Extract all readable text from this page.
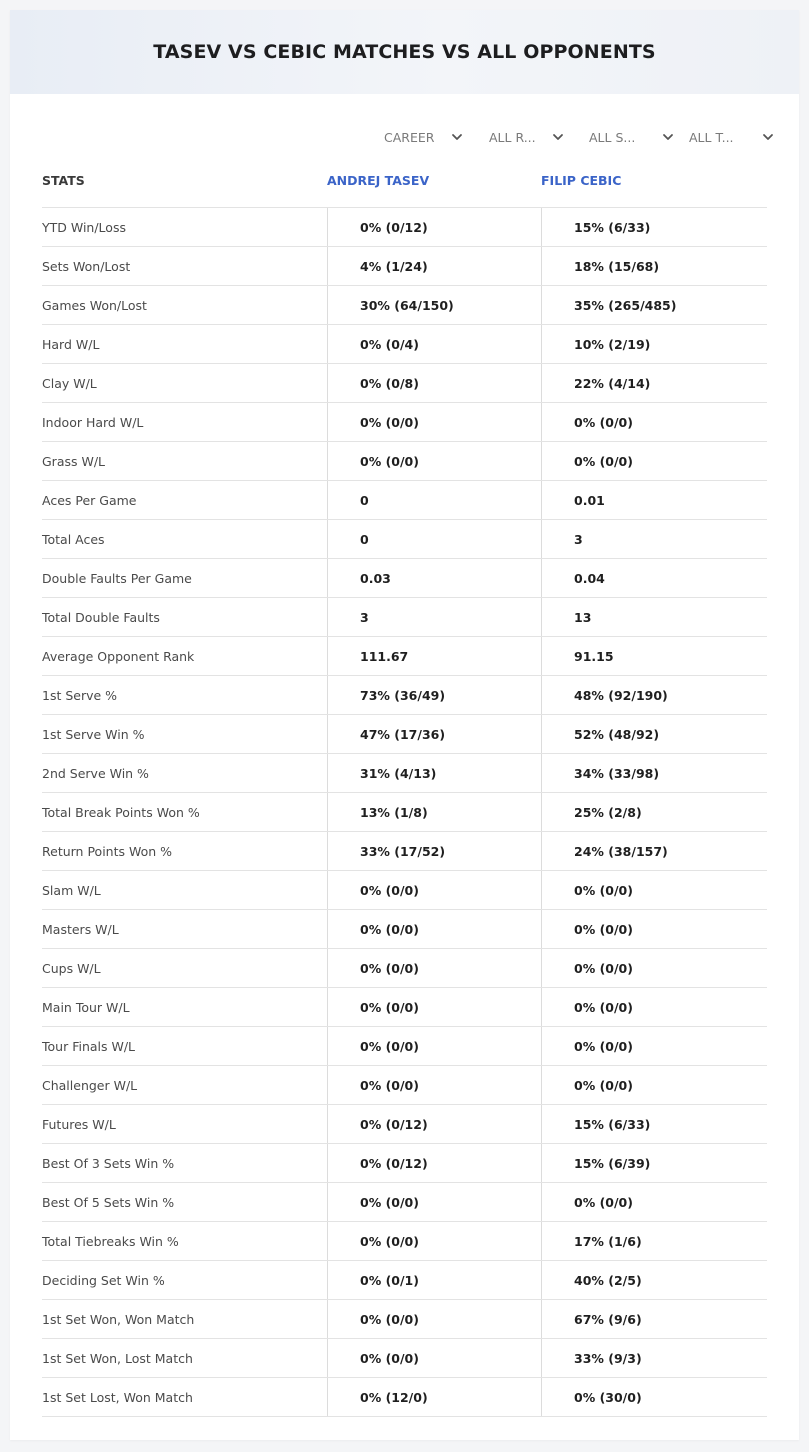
TASEV VS CEBIC MATCHES VS ALL OPPONENTS
CAREER	ALL R...	ALL S...	ALL T...
STATS	ANDREJ TASEV	FILIP CEBIC
YTD Win/Loss	0% (0/12)	15% (6/33)
Sets Won/Lost	4% (1/24)	18% (15/68)
Games Won/Lost	30% (64/150)	35% (265/485)
Hard W/L	0% (0/4)	10% (2/19)
Clay W/L	0% (0/8)	22% (4/14)
Indoor Hard W/L	0% (0/0)	0% (0/0)
Grass W/L	0% (0/0)	0% (0/0)
Aces Per Game	0	0.01
Total Aces	0	3
Double Faults Per Game	0.03	0.04
Total Double Faults	3	13
Average Opponent Rank	111.67	91.15
1st Serve %	73% (36/49)	48% (92/190)
1st Serve Win %	47% (17/36)	52% (48/92)
2nd Serve Win %	31% (4/13)	34% (33/98)
Total Break Points Won %	13% (1/8)	25% (2/8)
Return Points Won %	33% (17/52)	24% (38/157)
Slam W/L	0% (0/0)	0% (0/0)
Masters W/L	0% (0/0)	0% (0/0)
Cups W/L	0% (0/0)	0% (0/0)
Main Tour W/L	0% (0/0)	0% (0/0)
Tour Finals W/L	0% (0/0)	0% (0/0)
Challenger W/L	0% (0/0)	0% (0/0)
Futures W/L	0% (0/12)	15% (6/33)
Best Of 3 Sets Win %	0% (0/12)	15% (6/39)
Best Of 5 Sets Win %	0% (0/0)	0% (0/0)
Total Tiebreaks Win %	0% (0/0)	17% (1/6)
Deciding Set Win %	0% (0/1)	40% (2/5)
1st Set Won, Won Match	0% (0/0)	67% (9/6)
1st Set Won, Lost Match	0% (0/0)	33% (9/3)
1st Set Lost, Won Match	0% (12/0)	0% (30/0)
